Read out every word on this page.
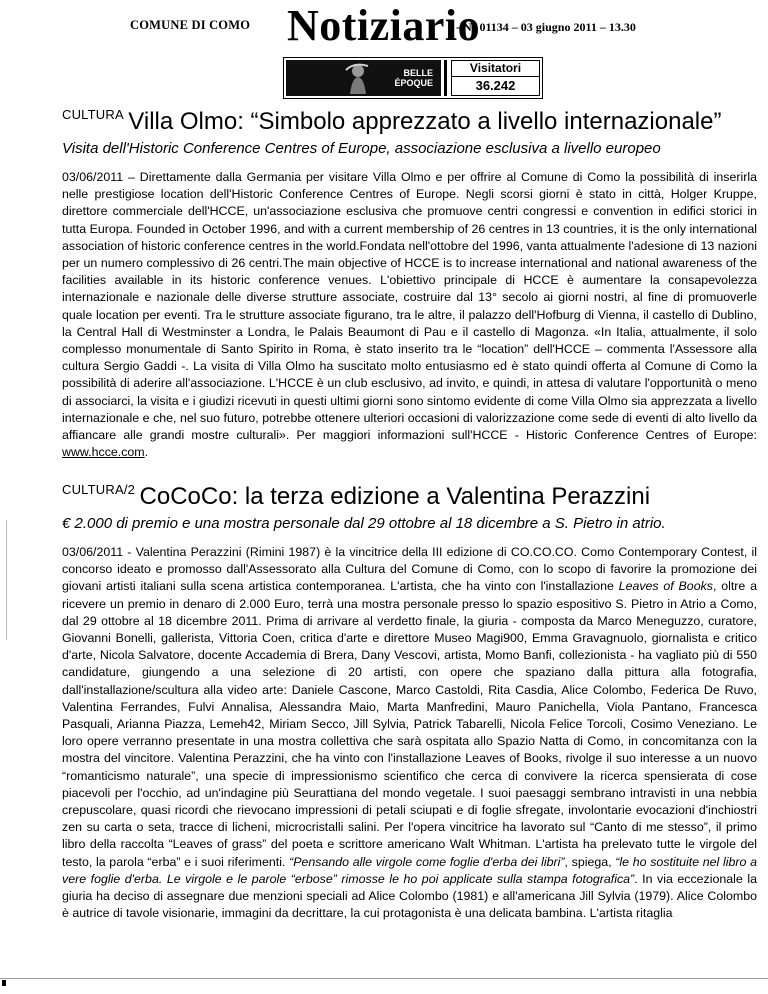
COMUNE DI COMO Notiziario
- N° 01134 – 03 giugno 2011 – 13.30
BELLE
ÉPOQUE
Visitatori
36.242
$^{CULTURA}$ Villa Olmo: “Simbolo apprezzato a livello internazionale”
Visita dell'Historic Conference Centres of Europe, associazione esclusiva a livello europeo
03/06/2011 – Direttamente dalla Germania per visitare Villa Olmo e per offrire al Comune di Como la possibilità di inserirla nelle prestigiose location dell'Historic Conference Centres of Europe. Negli scorsi giorni è stato in città, Holger Kruppe, direttore commerciale dell'HCCE, un'associazione esclusiva che promuove centri congressi e convention in edifici storici in tutta Europa. Founded in October 1996, and with a current membership of 26 centres in 13 countries, it is the only international association of historic conference centres in the world.Fondata nell'ottobre del 1996, vanta attualmente l'adesione di 13 nazioni per un numero complessivo di 26 centri.The main objective of HCCE is to increase international and national awareness of the facilities available in its historic conference venues. L'obiettivo principale di HCCE è aumentare la consapevolezza internazionale e nazionale delle diverse strutture associate, costruire dal 13° secolo ai giorni nostri, al fine di promuoverle quale location per eventi. Tra le strutture associate figurano, tra le altre, il palazzo dell'Hofburg di Vienna, il castello di Dublino, la Central Hall di Westminster a Londra, le Palais Beaumont di Pau e il castello di Magonza. «In Italia, attualmente, il solo complesso monumentale di Santo Spirito in Roma, è stato inserito tra le “location” dell'HCCE – commenta l'Assessore alla cultura Sergio Gaddi -. La visita di Villa Olmo ha suscitato molto entusiasmo ed è stato quindi offerta al Comune di Como la possibilità di aderire all'associazione. L'HCCE è un club esclusivo, ad invito, e quindi, in attesa di valutare l'opportunità o meno di associarci, la visita e i giudizi ricevuti in questi ultimi giorni sono sintomo evidente di come Villa Olmo sia apprezzata a livello internazionale e che, nel suo futuro, potrebbe ottenere ulteriori occasioni di valorizzazione come sede di eventi di alto livello da affiancare alle grandi mostre culturali». Per maggiori informazioni sull'HCCE - Historic Conference Centres of Europe: www.hcce.com.
$^{CULTURA/2}$ CoCoCo: la terza edizione a Valentina Perazzini
€ 2.000 di premio e una mostra personale dal 29 ottobre al 18 dicembre a S. Pietro in atrio.
03/06/2011 - Valentina Perazzini (Rimini 1987) è la vincitrice della III edizione di CO.CO.CO. Como Contemporary Contest, il concorso ideato e promosso dall'Assessorato alla Cultura del Comune di Como, con lo scopo di favorire la promozione dei giovani artisti italiani sulla scena artistica contemporanea. L'artista, che ha vinto con l'installazione Leaves of Books, oltre a ricevere un premio in denaro di 2.000 Euro, terrà una mostra personale presso lo spazio espositivo S. Pietro in Atrio a Como, dal 29 ottobre al 18 dicembre 2011. Prima di arrivare al verdetto finale, la giuria - composta da Marco Meneguzzo, curatore, Giovanni Bonelli, gallerista, Vittoria Coen, critica d'arte e direttore Museo Magi900, Emma Gravagnuolo, giornalista e critico d'arte, Nicola Salvatore, docente Accademia di Brera, Dany Vescovi, artista, Momo Banfi, collezionista - ha vagliato più di 550 candidature, giungendo a una selezione di 20 artisti, con opere che spaziano dalla pittura alla fotografia, dall'installazione/scultura alla video arte: Daniele Cascone, Marco Castoldi, Rita Casdia, Alice Colombo, Federica De Ruvo, Valentina Ferrandes, Fulvi Annalisa, Alessandra Maio, Marta Manfredini, Mauro Panichella, Viola Pantano, Francesca Pasquali, Arianna Piazza, Lemeh42, Miriam Secco, Jill Sylvia, Patrick Tabarelli, Nicola Felice Torcoli, Cosimo Veneziano. Le loro opere verranno presentate in una mostra collettiva che sarà ospitata allo Spazio Natta di Como, in concomitanza con la mostra del vincitore. Valentina Perazzini, che ha vinto con l'installazione Leaves of Books, rivolge il suo interesse a un nuovo “romanticismo naturale”, una specie di impressionismo scientifico che cerca di convivere la ricerca spensierata di cose piacevoli per l'occhio, ad un'indagine più Seurattiana del mondo vegetale. I suoi paesaggi sembrano intravisti in una nebbia crepuscolare, quasi ricordi che rievocano impressioni di petali sciupati e di foglie sfregate, involontarie evocazioni d'inchiostri zen su carta o seta, tracce di licheni, microcristalli salini. Per l'opera vincitrice ha lavorato sul “Canto di me stesso”, il primo libro della raccolta “Leaves of grass” del poeta e scrittore americano Walt Whitman. L'artista ha prelevato tutte le virgole del testo, la parola “erba” e i suoi riferimenti. “Pensando alle virgole come foglie d'erba dei libri”, spiega, “le ho sostituite nel libro a vere foglie d'erba. Le virgole e le parole “erbose” rimosse le ho poi applicate sulla stampa fotografica”. In via eccezionale la giuria ha deciso di assegnare due menzioni speciali ad Alice Colombo (1981) e all'americana Jill Sylvia (1979). Alice Colombo è autrice di tavole visionarie, immagini da decrittare, la cui protagonista è una delicata bambina. L'artista ritaglia
